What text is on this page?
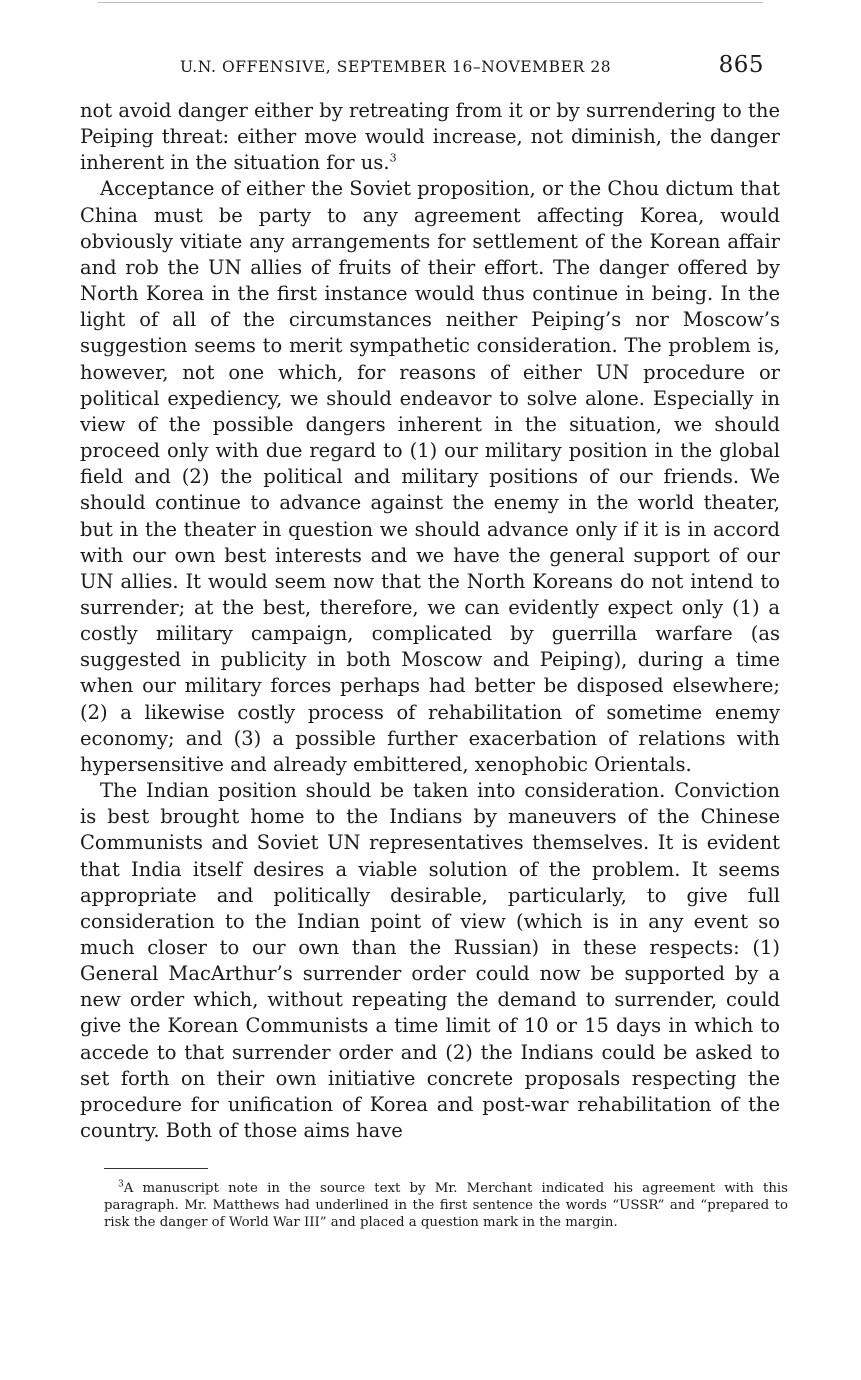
U.N. OFFENSIVE, SEPTEMBER 16–NOVEMBER 28	865

not avoid danger either by retreating from it or by surrendering to the Peiping threat: either move would increase, not diminish, the danger inherent in the situation for us.$^3$

Acceptance of either the Soviet proposition, or the Chou dictum that China must be party to any agreement affecting Korea, would obviously vitiate any arrangements for settlement of the Korean affair and rob the UN allies of fruits of their effort. The danger offered by North Korea in the first instance would thus continue in being. In the light of all of the circumstances neither Peiping’s nor Moscow’s suggestion seems to merit sympathetic consideration. The problem is, however, not one which, for reasons of either UN procedure or political expediency, we should endeavor to solve alone. Especially in view of the possible dangers inherent in the situation, we should proceed only with due regard to (1) our military position in the global field and (2) the political and military positions of our friends. We should continue to advance against the enemy in the world theater, but in the theater in question we should advance only if it is in accord with our own best interests and we have the general support of our UN allies. It would seem now that the North Koreans do not intend to surrender; at the best, therefore, we can evidently expect only (1) a costly military campaign, complicated by guerrilla warfare (as suggested in publicity in both Moscow and Peiping), during a time when our military forces perhaps had better be disposed elsewhere; (2) a likewise costly process of rehabilitation of sometime enemy economy; and (3) a possible further exacerbation of relations with hypersensitive and already embittered, xenophobic Orientals.

The Indian position should be taken into consideration. Conviction is best brought home to the Indians by maneuvers of the Chinese Communists and Soviet UN representatives themselves. It is evident that India itself desires a viable solution of the problem. It seems appropriate and politically desirable, particularly, to give full consideration to the Indian point of view (which is in any event so much closer to our own than the Russian) in these respects: (1) General MacArthur’s surrender order could now be supported by a new order which, without repeating the demand to surrender, could give the Korean Communists a time limit of 10 or 15 days in which to accede to that surrender order and (2) the Indians could be asked to set forth on their own initiative concrete proposals respecting the procedure for unification of Korea and post-war rehabilitation of the country. Both of those aims have

$^3$A manuscript note in the source text by Mr. Merchant indicated his agreement with this paragraph. Mr. Matthews had underlined in the first sentence the words “USSR” and “prepared to risk the danger of World War III” and placed a question mark in the margin.
